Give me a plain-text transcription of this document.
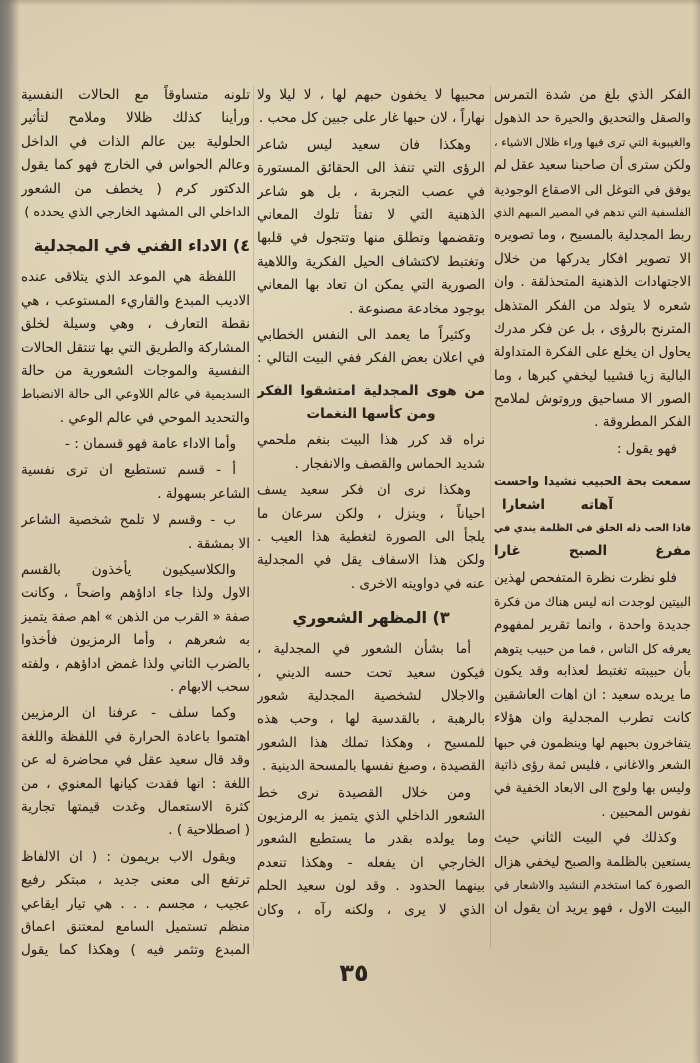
الفكر الذي بلغ من شدة التمرس
والصقل والتحديق والحيرة حد الذهول
والغيبوبة التي ترى فيها وراء ظلال الاشياء ،
ولكن سترى أن صاحبنا سعيد عقل لم
يوفق في التوغل الى الاصقاع الوجودية
الفلسفية التي تدهم في المصير المبهم الذي
ربط المجدلية بالمسيح ، وما تصويره
الا تصوير افكار يدركها من خلال
الاجتهادات الذهنية المتحذلقة . وان
شعره لا يتولد من الفكر المتذهل
المترنح بالرؤى ، بل عن فكر مدرك
يحاول ان يخلع على الفكرة المتداولة
البالية زيا قشيبا ليخفي كبرها ، وما
الصور الا مساحيق وروتوش لملامح
الفكر المطروقة .
فهو يقول :
سمعت بحة الحبيب نشيدا واحست
آهاته اشعارا
فاذا الحب ذله الخلق في الظلمة يندي في
مفرغ الصبح غارا
فلو نظرت نظرة المتفحص لهذين
البيتين لوجدت انه ليس هناك من فكرة
جديدة واحدة ، وانما تقرير لمفهوم
يعرفه كل الناس ، فما من حبيب يتوهم
بأن حبيبته تغتبط لعذابه وقد يكون
ما يريده سعيد : ان اهات العاشقين
كانت تطرب المجدلية وان هؤلاء
يتفاخرون بحبهم لها وينظمون في حبها
الشعر والاغاني ، فليس ثمة رؤى ذاتية
وليس بها ولوج الى الابعاد الخفية في
نفوس المحبين .
وكذلك في البيت الثاني حيث
يستعين بالظلمة والصبح ليخفي هزال
الصورة كما استخدم النشيد والاشعار في
البيت الاول ، فهو يريد ان يقول ان
محبيها لا يخفون حبهم لها ، لا ليلا ولا
نهاراً ، لان حبها غار على جبين كل محب .
وهكذا فان سعيد ليس شاعر
الرؤى التي تنفذ الى الحقائق المستورة
في عصب التجربة ، بل هو شاعر
الذهنية التي لا تفتأ تلوك المعاني
وتقضمها وتطلق منها وتتجول في قلبها
وتغتبط لاكتشاف الحيل الفكرية واللاهية
الصورية التي يمكن ان تعاد بها المعاني
بوجود مخادعة مصنوعة .
وكثيراً ما يعمد الى النفس الخطابي
في اعلان بعض الفكر ففي البيت التالي :
من هوى المجدلية امتشقوا الفكر
ومن كأسها النغمات
نراه قد كرر هذا البيت بنغم ملحمي
شديد الحماس والقصف والانفجار .
وهكذا نرى ان فكر سعيد يسف
احياناً ، وينزل ، ولكن سرعان ما
يلجأ الى الصورة لتغطية هذا العيب .
ولكن هذا الاسفاف يقل في المجدلية
عنه في دواوينه الاخرى .
٣) المظهر الشعوري
أما بشأن الشعور في المجدلية ،
فيكون سعيد تحت حسه الديني ،
والاجلال لشخصية المجدلية شعور
بالرهبة ، بالقدسية لها ، وحب هذه
للمسيح ، وهكذا تملك هذا الشعور
القصيدة ، وصبغ نفسها بالمسحة الدينية .
ومن خلال القصيدة نرى خط
الشعور الداخلي الذي يتميز به الرمزيون
وما يولده بقدر ما يستطيع الشعور
الخارجي ان يفعله - وهكذا تنعدم
بينهما الحدود . وقد لون سعيد الحلم
الذي لا يرى ، ولكنه رآه ، وكان
تلونه متساوقاً مع الحالات النفسية
ورأينا كذلك ظلالا وملامح لتأثير
الحلولية بين عالم الذات في الداخل
وعالم الحواس في الخارج فهو كما يقول
الدكتور كرم ( يخطف من الشعور
الداخلي الى المشهد الخارجي الذي يحدده )
٤) الاداء الفني في المجدلية
اللفظة هي الموعد الذي يتلاقى عنده
الاديب المبدع والقاريء المستوعب ، هي
نقطة التعارف ، وهي وسيلة لخلق
المشاركة والطريق التي بها تنتقل الحالات
النفسية والموجات الشعورية من حالة
السديمية في عالم اللاوعي الى حالة الانضباط
والتحديد الموحي في عالم الوعي .
وأما الاداء عامة فهو قسمان : -
أ - قسم تستطيع ان ترى نفسية
الشاعر بسهولة .
ب - وقسم لا تلمح شخصية الشاعر
الا بمشقة .
والكلاسيكيون يأخذون بالقسم
الاول ولذا جاء اداؤهم واضحاً ، وكانت
صفة « القرب من الذهن » اهم صفة يتميز
به شعرهم ، وأما الرمزيون فأخذوا
بالضرب الثاني ولذا غمض اداؤهم ، ولفته
سحب الابهام .
وكما سلف - عرفنا ان الرمزيين
اهتموا باعادة الحرارة في اللفظة واللغة
وقد قال سعيد عقل في محاضرة له عن
اللغة : انها فقدت كيانها المعنوي ، من
كثرة الاستعمال وغدت قيمتها تجارية
( اصطلاحية ) .
ويقول الاب بريمون : ( ان الالفاظ
ترتفع الى معنى جديد ، مبتكر رفيع
عجيب ، مجسم . . . هي تيار ايقاعي
منظم تستميل السامع لمعتنق اعماق
المبدع وتثمر فيه ) وهكذا كما يقول
٣٥
